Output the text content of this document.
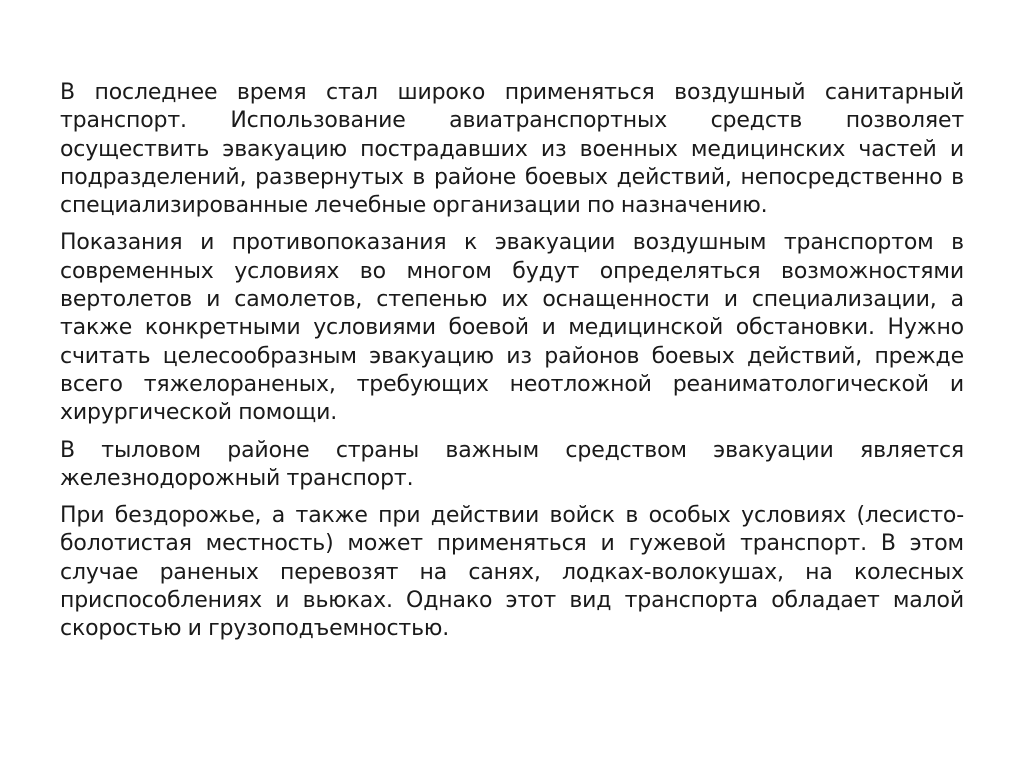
В последнее время стал широко применяться воздушный санитарный транспорт. Использование авиатранспортных средств позволяет осуществить эвакуацию пострадавших из военных медицинских частей и подразделений, развернутых в районе боевых действий, непосредственно в специализированные лечебные организации по назначению.

Показания и противопоказания к эвакуации воздушным транспортом в современных условиях во многом будут определяться возможностями вертолетов и самолетов, степенью их оснащенности и специализации, а также конкретными условиями боевой и медицинской обстановки. Нужно считать целесообразным эвакуацию из районов боевых действий, прежде всего тяжелораненых, требующих неотложной реаниматологической и хирургической помощи.

В тыловом районе страны важным средством эвакуации является железнодорожный транспорт.

При бездорожье, а также при действии войск в особых условиях (лесисто-болотистая местность) может применяться и гужевой транспорт. В этом случае раненых перевозят на санях, лодках-волокушах, на колесных приспособлениях и вьюках. Однако этот вид транспорта обладает малой скоростью и грузоподъемностью.
